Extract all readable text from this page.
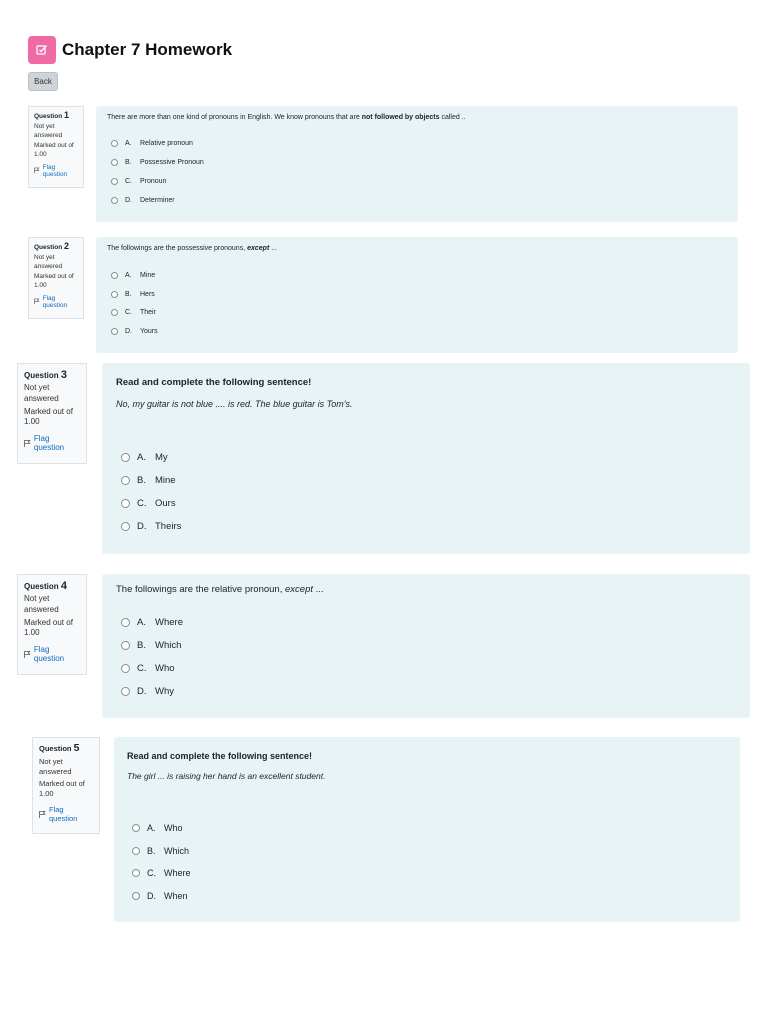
Chapter 7 Homework
Back
Question 1
Not yet answered
Marked out of 1.00
Flag question
There are more than one kind of pronouns in English. We know pronouns that are not followed by objects called ..
A.	Relative pronoun
B.	Possessive Pronoun
C.	Pronoun
D.	Determiner
Question 2
Not yet answered
Marked out of 1.00
Flag question
The followings are the possessive pronouns, except ...
A.	Mine
B.	Hers
C.	Their
D.	Yours
Question 3
Not yet answered
Marked out of 1.00
Flag question
Read and complete the following sentence!
No, my guitar is not blue .... is red. The blue guitar is Tom's.
A. My
B. Mine
C. Ours
D. Theirs
Question 4
Not yet answered
Marked out of 1.00
Flag question
The followings are the relative pronoun, except ...
A. Where
B. Which
C. Who
D. Why
Question 5
Not yet answered
Marked out of 1.00
Flag question
Read and complete the following sentence!
The girl ... is raising her hand is an excellent student.
A. Who
B. Which
C. Where
D. When
